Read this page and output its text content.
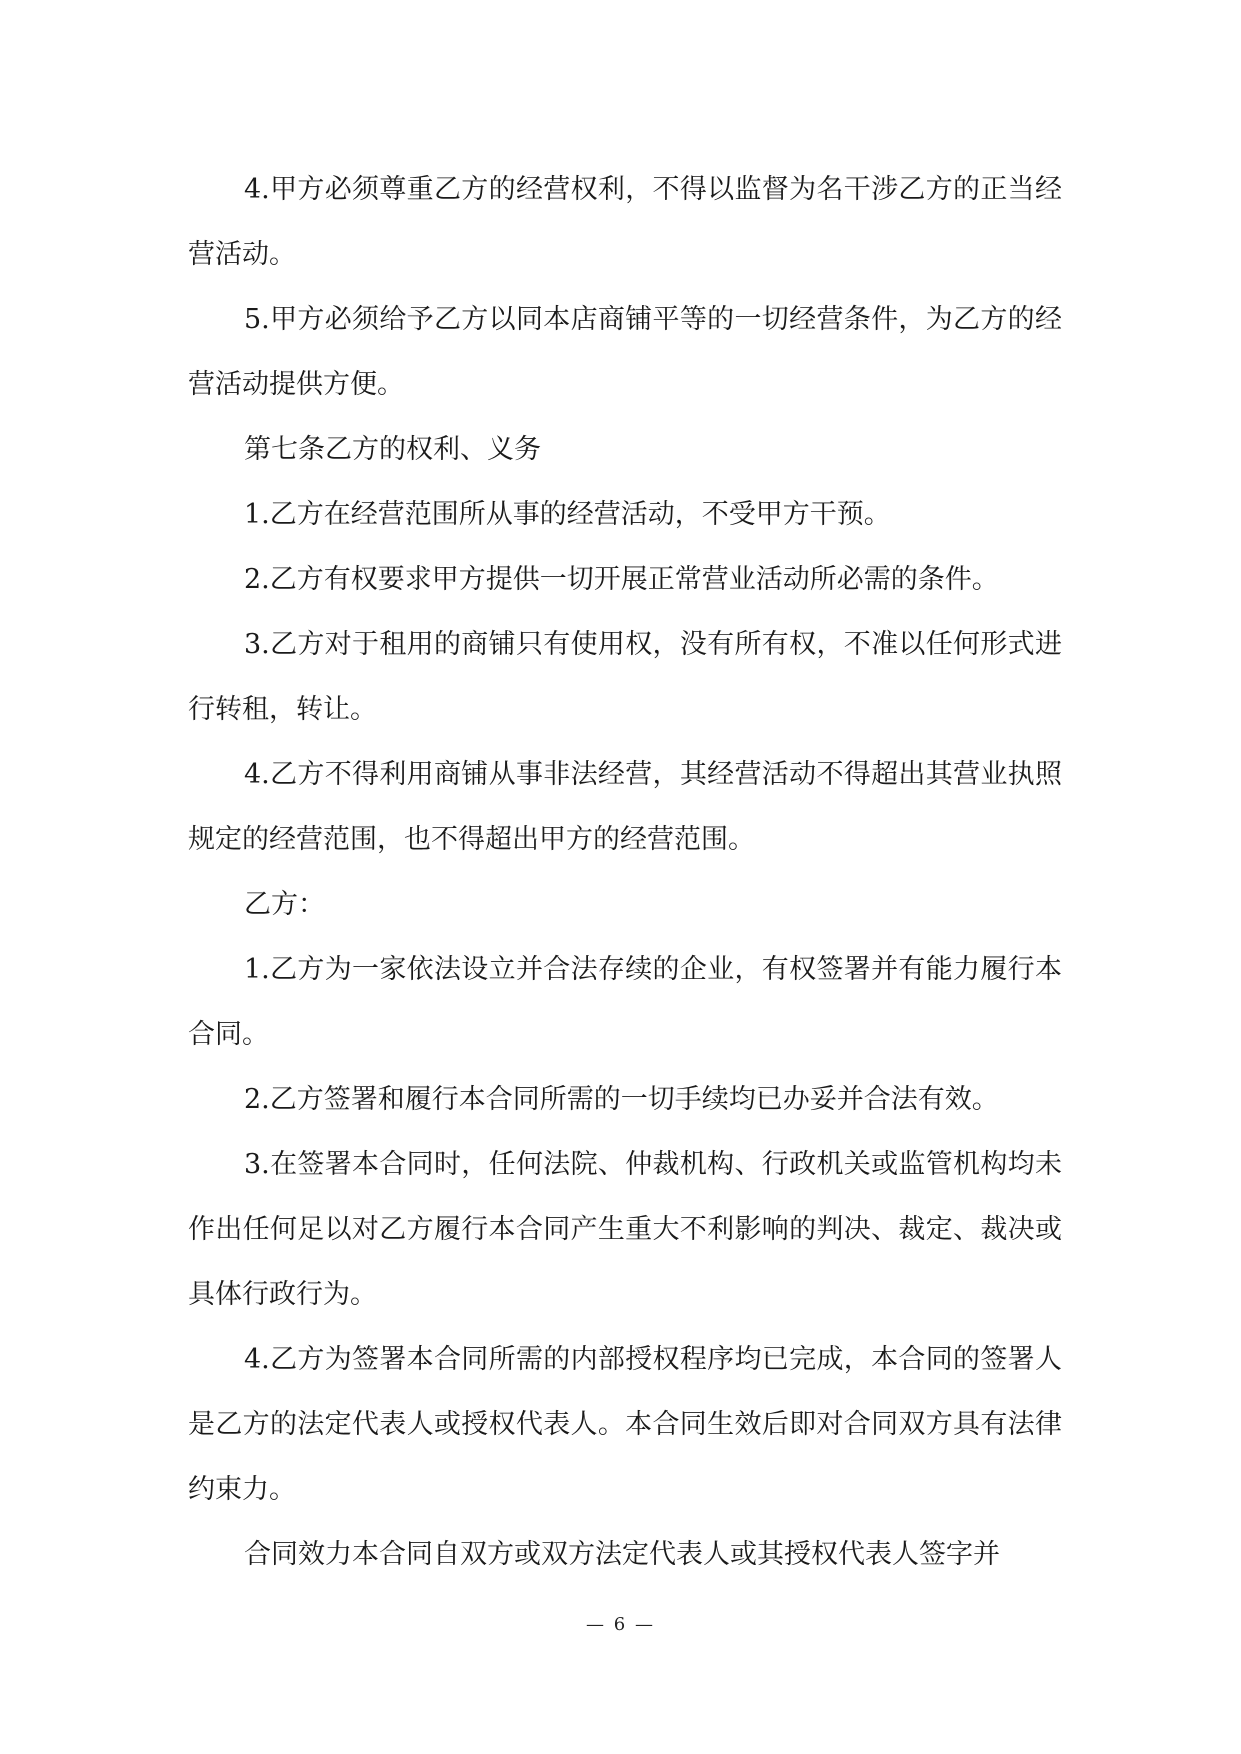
4.甲方必须尊重乙方的经营权利，不得以监督为名干涉乙方的正当经营活动。

5.甲方必须给予乙方以同本店商铺平等的一切经营条件，为乙方的经营活动提供方便。

第七条乙方的权利、义务

1.乙方在经营范围所从事的经营活动，不受甲方干预。

2.乙方有权要求甲方提供一切开展正常营业活动所必需的条件。

3.乙方对于租用的商铺只有使用权，没有所有权，不准以任何形式进行转租，转让。

4.乙方不得利用商铺从事非法经营，其经营活动不得超出其营业执照规定的经营范围，也不得超出甲方的经营范围。

乙方：

1.乙方为一家依法设立并合法存续的企业，有权签署并有能力履行本合同。

2.乙方签署和履行本合同所需的一切手续均已办妥并合法有效。

3.在签署本合同时，任何法院、仲裁机构、行政机关或监管机构均未作出任何足以对乙方履行本合同产生重大不利影响的判决、裁定、裁决或具体行政行为。

4.乙方为签署本合同所需的内部授权程序均已完成，本合同的签署人是乙方的法定代表人或授权代表人。本合同生效后即对合同双方具有法律约束力。

合同效力本合同自双方或双方法定代表人或其授权代表人签字并

— 6 —
